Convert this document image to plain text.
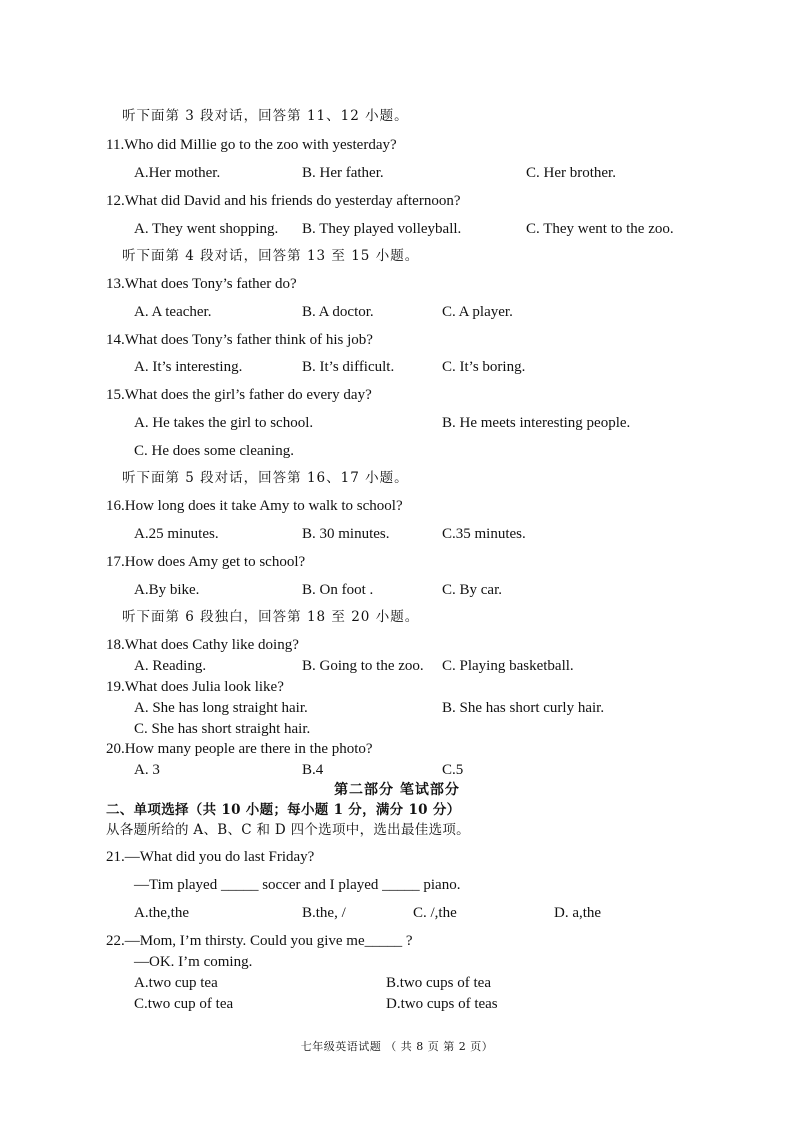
听下面第 3 段对话，回答第 11、12 小题。
11.Who did Millie go to the zoo with yesterday?
A.Her mother.	B. Her father.	C. Her brother.
12.What did David and his friends do yesterday afternoon?
A. They went shopping. B. They played volleyball.	C. They went to the zoo.
听下面第 4 段对话，回答第 13 至 15 小题。
13.What does Tony’s father do?
A. A teacher.	B. A doctor.	C. A player.
14.What does Tony’s father think of his job?
A. It’s interesting.	B. It’s difficult.	C. It’s boring.
15.What does the girl’s father do every day?
A. He takes the girl to school.	B. He meets interesting people.
C. He does some cleaning.
听下面第 5 段对话，回答第 16、17 小题。
16.How long does it take Amy to walk to school?
A.25 minutes.	B. 30 minutes.	C.35 minutes.
17.How does Amy get to school?
A.By bike.	B. On foot .	C. By car.
听下面第 6 段独白，回答第 18 至 20 小题。
18.What does Cathy like doing?
A. Reading.	B. Going to the zoo. C. Playing basketball.
19.What does Julia look like?
A. She has long straight hair.	B. She has short curly hair.
C. She has short straight hair.
20.How many people are there in the photo?
A. 3	B.4	C.5
第二部分 笔试部分
二、单项选择（共 10 小题；每小题 1 分，满分 10 分）
从各题所给的 A、B、C 和 D 四个选项中，选出最佳选项。
21.—What did you do last Friday?
—Tim played _____ soccer and I played _____ piano.
A.the,the	B.the, /	C. /,the	D. a,the
22.—Mom, I’m thirsty. Could you give me_____ ?
—OK. I’m coming.
A.two cup tea	B.two cups of tea
C.two cup of tea	D.two cups of teas
七年级英语试题 （ 共 8 页 第 2 页）
